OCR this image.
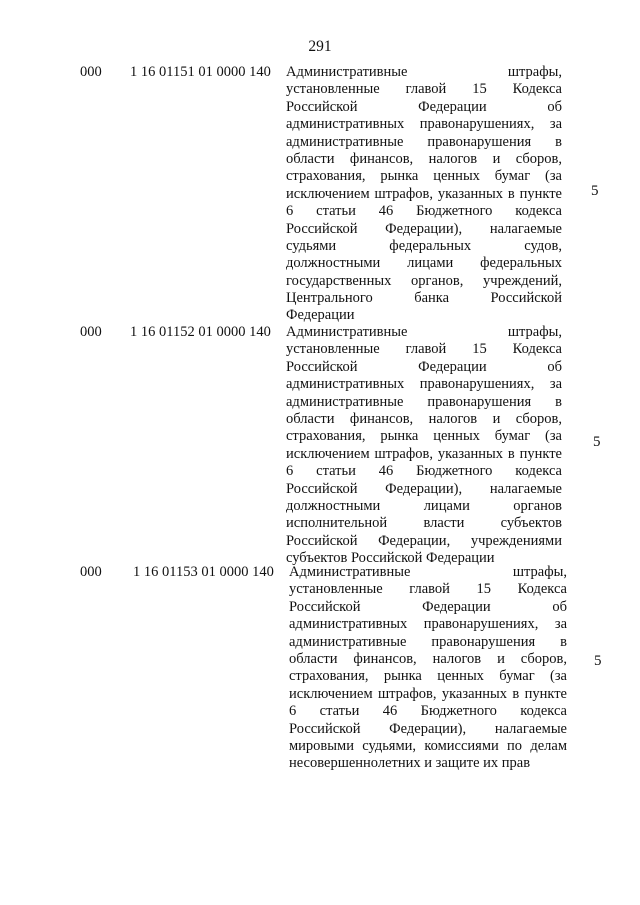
291
000 1 16 01151 01 0000 140 Административные штрафы,
установленные главой 15 Кодекса
Российской Федерации об
административных правонарушениях, за
административные правонарушения в
области финансов, налогов и сборов,
страхования, рынка ценных бумаг (за
исключением штрафов, указанных в пункте
6 статьи 46 Бюджетного кодекса
Российской Федерации), налагаемые
судьями федеральных судов,
должностными лицами федеральных
государственных органов, учреждений,
Центрального банка Российской
Федерации
5
000 1 16 01152 01 0000 140 Административные штрафы,
установленные главой 15 Кодекса
Российской Федерации об
административных правонарушениях, за
административные правонарушения в
области финансов, налогов и сборов,
страхования, рынка ценных бумаг (за
исключением штрафов, указанных в пункте
6 статьи 46 Бюджетного кодекса
Российской Федерации), налагаемые
должностными лицами органов
исполнительной власти субъектов
Российской Федерации, учреждениями
субъектов Российской Федерации
5
000 1 16 01153 01 0000 140 Административные штрафы,
установленные главой 15 Кодекса
Российской Федерации об
административных правонарушениях, за
административные правонарушения в
области финансов, налогов и сборов,
страхования, рынка ценных бумаг (за
исключением штрафов, указанных в пункте
6 статьи 46 Бюджетного кодекса
Российской Федерации), налагаемые
мировыми судьями, комиссиями по делам
несовершеннолетних и защите их прав
5
